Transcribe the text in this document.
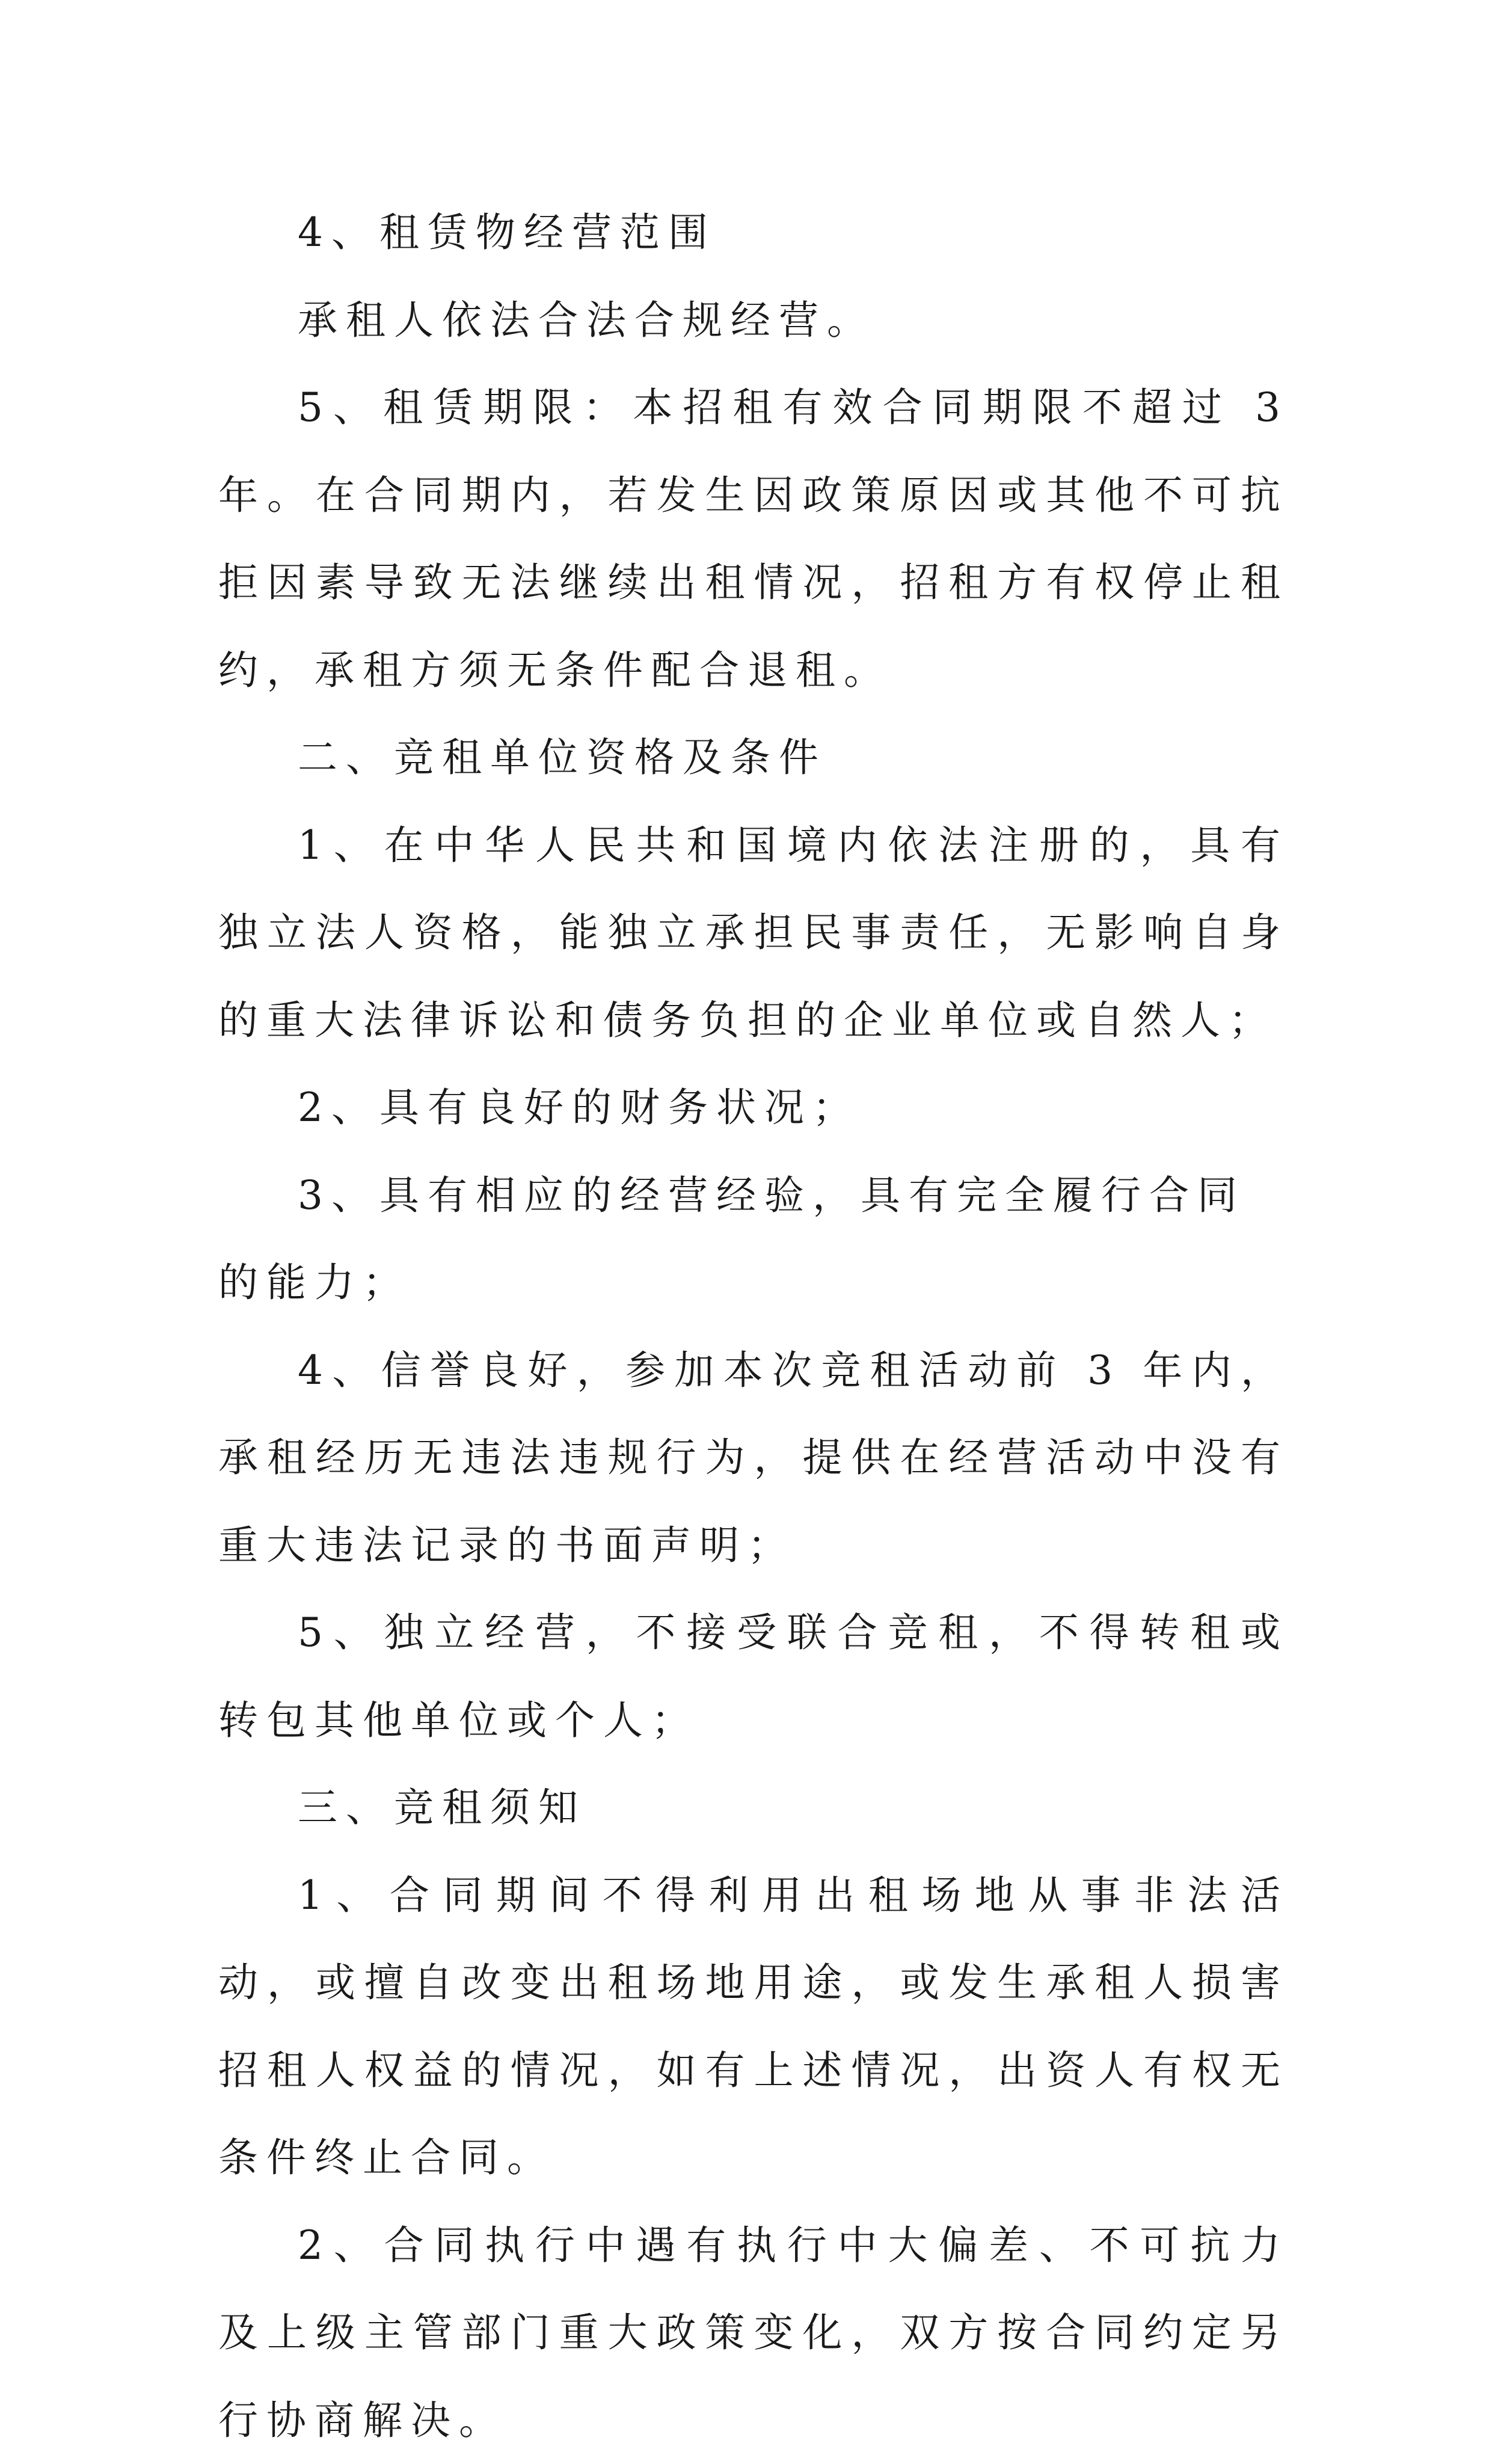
4、租赁物经营范围

承租人依法合法合规经营。

5、租赁期限：本招租有效合同期限不超过 3 年。在合同期内，若发生因政策原因或其他不可抗拒因素导致无法继续出租情况，招租方有权停止租约，承租方须无条件配合退租。

二、竞租单位资格及条件

1、在中华人民共和国境内依法注册的，具有独立法人资格，能独立承担民事责任，无影响自身的重大法律诉讼和债务负担的企业单位或自然人；

2、具有良好的财务状况；

3、具有相应的经营经验，具有完全履行合同的能力；

4、信誉良好，参加本次竞租活动前 3 年内，承租经历无违法违规行为，提供在经营活动中没有重大违法记录的书面声明；

5、独立经营，不接受联合竞租，不得转租或转包其他单位或个人；

三、竞租须知

1、合同期间不得利用出租场地从事非法活动，或擅自改变出租场地用途，或发生承租人损害招租人权益的情况，如有上述情况，出资人有权无条件终止合同。

2、合同执行中遇有执行中大偏差、不可抗力及上级主管部门重大政策变化，双方按合同约定另行协商解决。
